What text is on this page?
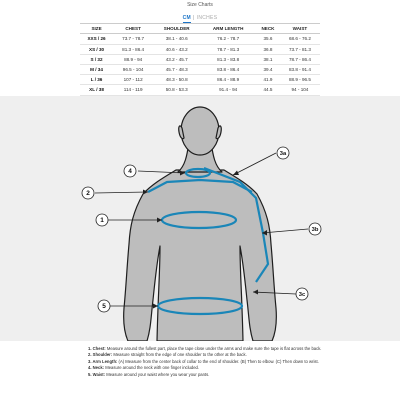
Size Charts
CM | INCHES
SIZE	CHEST	SHOULDER	ARM LENGTH	NECK	WAIST
XXS / 26	73.7 - 78.7	38.1 - 40.6	76.2 - 78.7	35.6	68.6 - 76.2
XS / 30	81.3 - 86.4	40.6 - 43.2	78.7 - 81.3	36.8	73.7 - 81.3
S / 32	88.9 - 94	43.2 - 45.7	81.3 - 83.8	38.1	78.7 - 86.4
M / 34	96.5 - 104	45.7 - 48.3	83.8 - 86.4	39.4	83.8 - 91.4
L / 36	107 - 112	48.3 - 50.8	86.4 - 88.9	41.9	88.9 - 96.5
XL / 38	114 - 119	50.8 - 53.3	91.4 - 94	44.5	94 - 104

4
2
1
5
3a
3b
3c
1. Chest: Measure around the fullest part, place the tape close under the arms and make sure the tape is flat across the back.
2. Shoulder: Measure straight from the edge of one shoulder to the other at the back.
3. Arm Length: (A) Measure from the center back of collar to the end of shoulder. (B) Then to elbow. (C) Then down to wrist.
4. Neck: Measure around the neck with one finger included.
5. Waist: Measure around your waist where you wear your pants.
